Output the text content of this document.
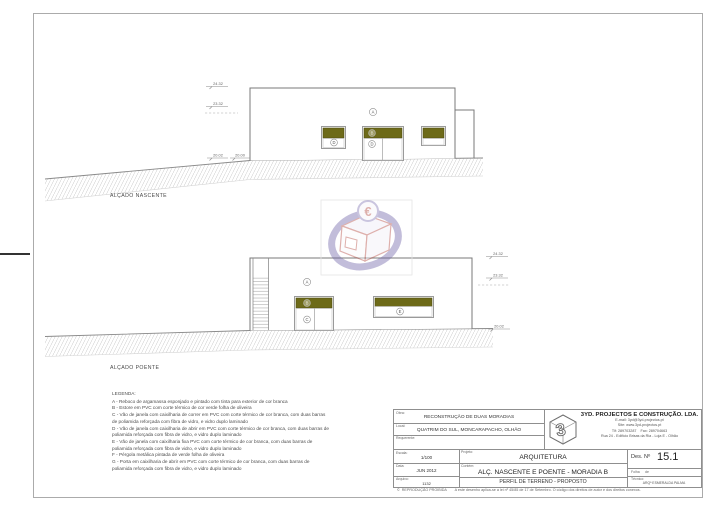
D
B
D
A
24.32
23.32
20.02	20.00
ALÇADO NASCENTE
B
C
E
A
24.32
23.32
20.02
ALÇADO POENTE
€
LEGENDA:
A - Reboco de argamassa esponjado e pintado com tinta para exterior de cor branca
B - Estore em PVC com corte térmico de cor verde folha de oliveira
C - Vão de janela com caixilharia de correr em PVC com corte térmico de cor branca, com duas barras
de poliamida reforçada com fibra de vidro, e vidro duplo laminado
D - Vão de janela com caixilharia de abrir em PVC com corte térmico de cor branca, com duas barras de
poliamida reforçada com fibra de vidro, e vidro duplo laminado
E - Vão de janela com caixilharia fixa PVC com corte térmico de cor branca, com duas barras de
poliamida reforçada com fibra de vidro, e vidro duplo laminado
F - Pérgola metálica pintada de verde folha de oliveira
G - Porta em caixilharia de abrir em PVC com corte térmico de cor branca, com duas barras de
poliamida reforçada com fibra de vidro, e vidro duplo laminado
Obra:
RECONSTRUÇÃO DE DUAS MORADIAS
Local:
QUATRIM DO SUL, MONCARAPACHO, OLHÃO
Requerente:	3
3YD. PROJECTOS E CONSTRUÇÃO. LDA.
E-mail: 3yd@3yd-projectos.pt
Site: www.3yd-projectos.pt
Tlf: 289703287    Fax: 289704663
Rua 24 - Edifício Brisas da Ria - Loja E - Olhão
Escala:
1/100
Data:
JUN 2012
Arquivo:
1132
Projeto:
ARQUITETURA
Contém:
ALÇ. NASCENTE E POENTE - MORADIA B
PERFIL DE TERRENO - PROPOSTO
Des. Nº 15.1
Folha de
Técnico:
ARQª ESMERALDA PALMA
©  REPRODUÇÃO PROIBIDA        A este desenho aplica-se a lei nº 45/85 de 17 de Setembro. O código dos direitos de autor e dos direitos conexos.
